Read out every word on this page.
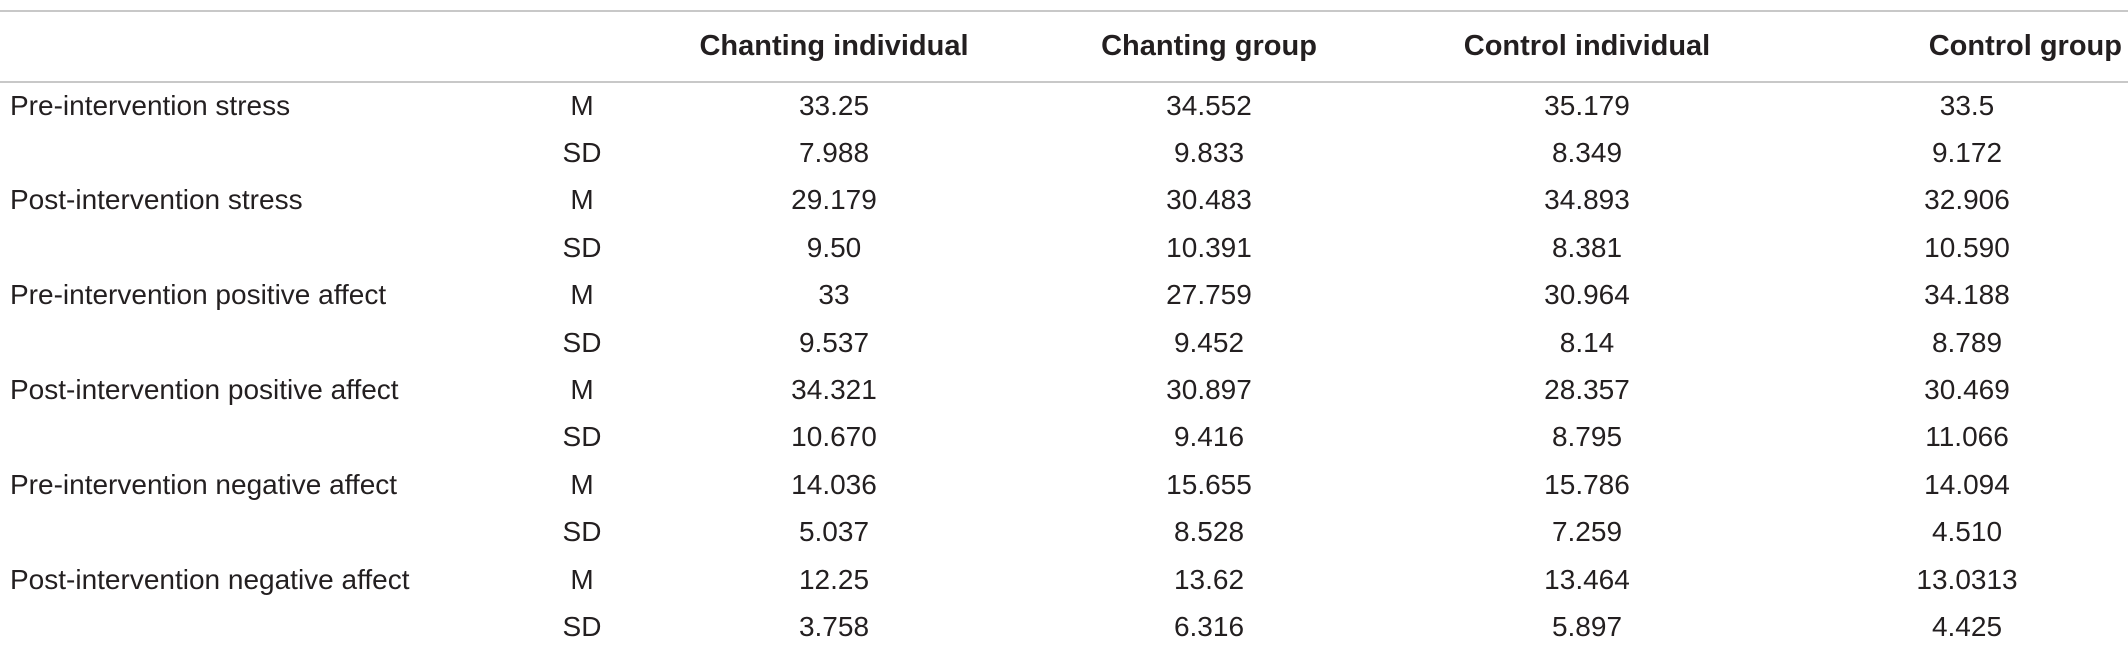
		Chanting individual	Chanting group	Control individual	Control group
Pre-intervention stress	M	33.25	34.552	35.179	33.5
	SD	7.988	9.833	8.349	9.172
Post-intervention stress	M	29.179	30.483	34.893	32.906
	SD	9.50	10.391	8.381	10.590
Pre-intervention positive affect	M	33	27.759	30.964	34.188
	SD	9.537	9.452	8.14	8.789
Post-intervention positive affect	M	34.321	30.897	28.357	30.469
	SD	10.670	9.416	8.795	11.066
Pre-intervention negative affect	M	14.036	15.655	15.786	14.094
	SD	5.037	8.528	7.259	4.510
Post-intervention negative affect	M	12.25	13.62	13.464	13.0313
	SD	3.758	6.316	5.897	4.425
